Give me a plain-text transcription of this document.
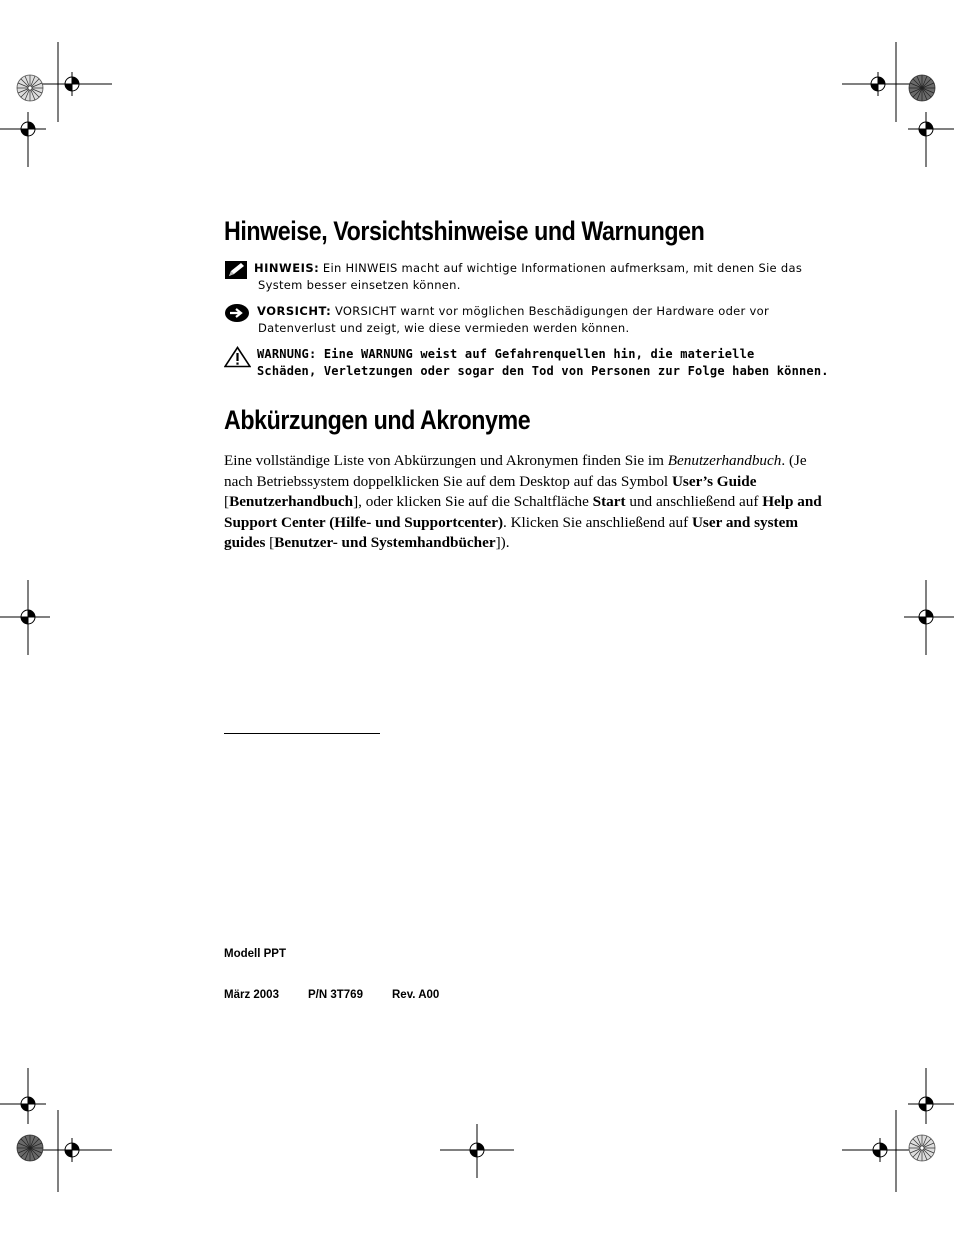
Hinweise, Vorsichtshinweise und Warnungen
HINWEIS: Ein HINWEIS macht auf wichtige Informationen aufmerksam, mit denen Sie das
System besser einsetzen können.
VORSICHT: VORSICHT warnt vor möglichen Beschädigungen der Hardware oder vor
Datenverlust und zeigt, wie diese vermieden werden können.
WARNUNG: Eine WARNUNG weist auf Gefahrenquellen hin, die materielle
Schäden, Verletzungen oder sogar den Tod von Personen zur Folge haben können.
Abkürzungen und Akronyme
Eine vollständige Liste von Abkürzungen und Akronymen finden Sie im Benutzerhandbuch. (Je nach Betriebssystem doppelklicken Sie auf dem Desktop auf das Symbol User’s Guide [Benutzerhandbuch], oder klicken Sie auf die Schaltfläche Start und anschließend auf Help and Support Center (Hilfe- und Supportcenter). Klicken Sie anschließend auf User and system guides [Benutzer- und Systemhandbücher]).
Modell PPT
März 2003	P/N 3T769	Rev. A00
